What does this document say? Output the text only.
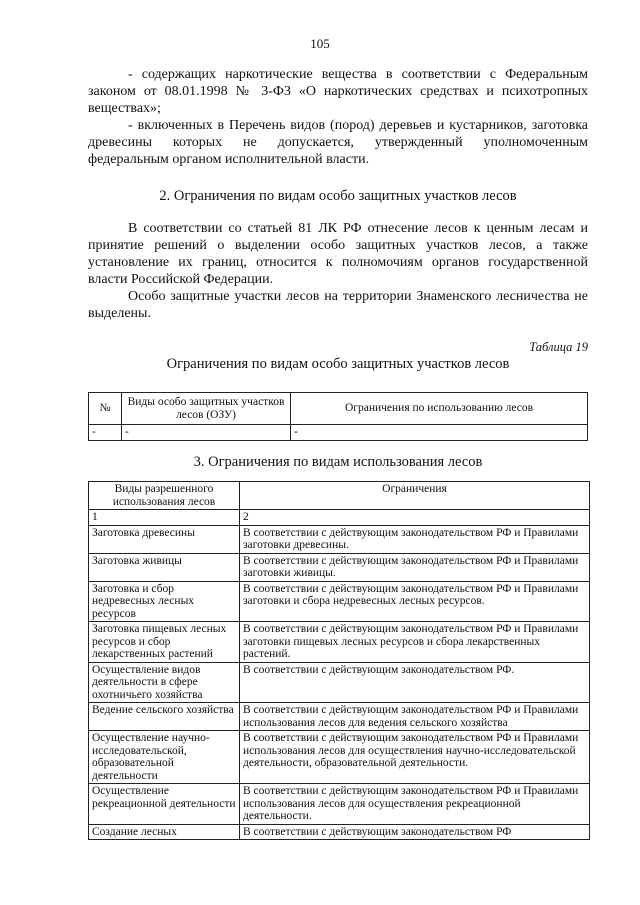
105

- содержащих наркотические вещества в соответствии с Федеральным

законом от 08.01.1998 № 3-ФЗ «О наркотических средствах и психотропных

веществах»;

- включенных в Перечень видов (пород) деревьев и кустарников, заготовка

древесины которых не допускается, утвержденный уполномоченным

федеральным органом исполнительной власти.

2. Ограничения по видам особо защитных участков лесов

В соответствии со статьей 81 ЛК РФ отнесение лесов к ценным лесам и принятие решений о выделении особо защитных участков лесов, а также установление их границ, относится к полномочиям органов государственной власти Российской Федерации.

Особо защитные участки лесов на территории Знаменского лесничества не выделены.

Таблица 19
Ограничения по видам особо защитных участков лесов
№	Виды особо защитных участков лесов (ОЗУ)	Ограничения по использованию лесов
-	-	-
3. Ограничения по видам использования лесов
Виды разрешенного использования лесов	Ограничения
1	2
Заготовка древесины	В соответствии с действующим законодательством РФ и Правилами заготовки древесины.
Заготовка живицы	В соответствии с действующим законодательством РФ и Правилами заготовки живицы.
Заготовка и сбор недревесных лесных ресурсов	В соответствии с действующим законодательством РФ и Правилами заготовки и сбора недревесных лесных ресурсов.
Заготовка пищевых лесных ресурсов и сбор лекарственных растений	В соответствии с действующим законодательством РФ и Правилами заготовки пищевых лесных ресурсов и сбора лекарственных растений.
Осуществление видов деятельности в сфере охотничьего хозяйства	В соответствии с действующим законодательством РФ.
Ведение сельского хозяйства	В соответствии с действующим законодательством РФ и Правилами использования лесов для ведения сельского хозяйства
Осуществление научно-исследовательской, образовательной деятельности	В соответствии с действующим законодательством РФ и Правилами использования лесов для осуществления научно-исследовательской деятельности, образовательной деятельности.
Осуществление рекреационной деятельности	В соответствии с действующим законодательством РФ и Правилами использования лесов для осуществления рекреационной деятельности.
Создание лесных	В соответствии с действующим законодательством РФ
